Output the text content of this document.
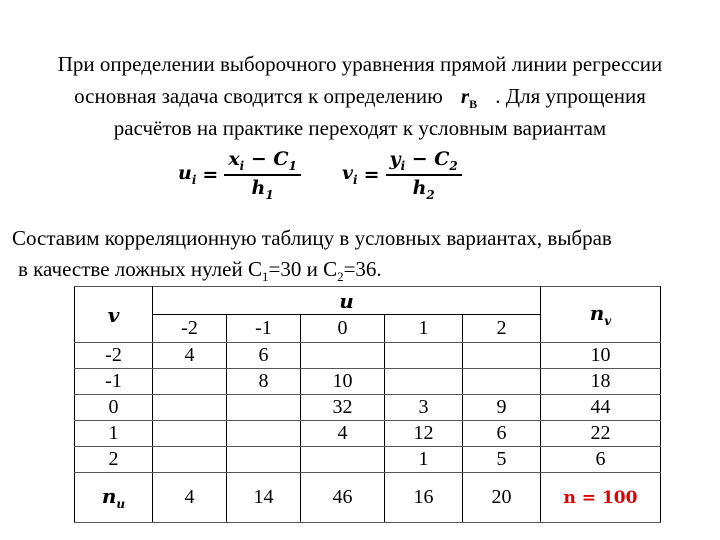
При определении выборочного уравнения прямой линии регрессии
основная задача сводится к определению $r_В$ . Для упрощения
расчётов на практике переходят к условным вариантам
$u_i = \frac{x_i - C_1}{h_1} v_i = \frac{y_i - C_2}{h_2}$
Составим корреляционную таблицу в условных вариантах, выбрав
в качестве ложных нулей $C_1=30$ и $C_2=36$.
v	u					$n_v$
	-2	-1	0	1	2	
-2	4	6				10
-1		8	10			18
0			32	3	9	44
1			4	12	6	22
2				1	5	6
$n_u$	4	14	46	16	20	n = 100
